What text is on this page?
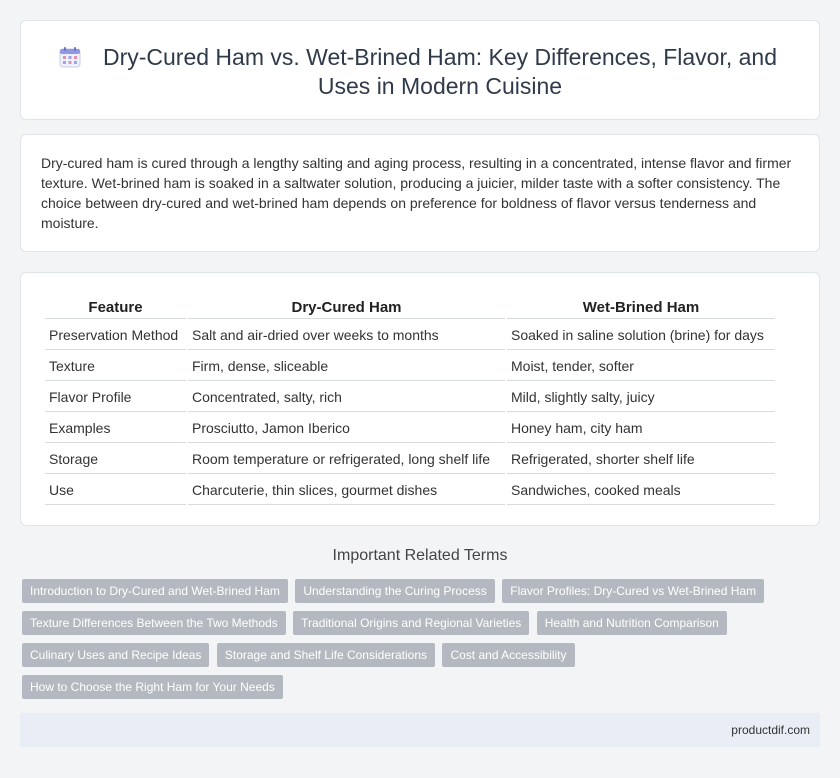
Dry-Cured Ham vs. Wet-Brined Ham: Key Differences, Flavor, and Uses in Modern Cuisine

Dry-cured ham is cured through a lengthy salting and aging process, resulting in a concentrated, intense flavor and firmer texture. Wet-brined ham is soaked in a saltwater solution, producing a juicier, milder taste with a softer consistency. The choice between dry-cured and wet-brined ham depends on preference for boldness of flavor versus tenderness and moisture.

Feature	Dry-Cured Ham	Wet-Brined Ham
Preservation Method	Salt and air-dried over weeks to months	Soaked in saline solution (brine) for days
Texture	Firm, dense, sliceable	Moist, tender, softer
Flavor Profile	Concentrated, salty, rich	Mild, slightly salty, juicy
Examples	Prosciutto, Jamon Iberico	Honey ham, city ham
Storage	Room temperature or refrigerated, long shelf life	Refrigerated, shorter shelf life
Use	Charcuterie, thin slices, gourmet dishes	Sandwiches, cooked meals
Important Related Terms
Introduction to Dry-Cured and Wet-Brined Ham Understanding the Curing Process Flavor Profiles: Dry-Cured vs Wet-Brined Ham Texture Differences Between the Two Methods Traditional Origins and Regional Varieties Health and Nutrition Comparison Culinary Uses and Recipe Ideas Storage and Shelf Life Considerations Cost and Accessibility How to Choose the Right Ham for Your Needs
productdif.com
